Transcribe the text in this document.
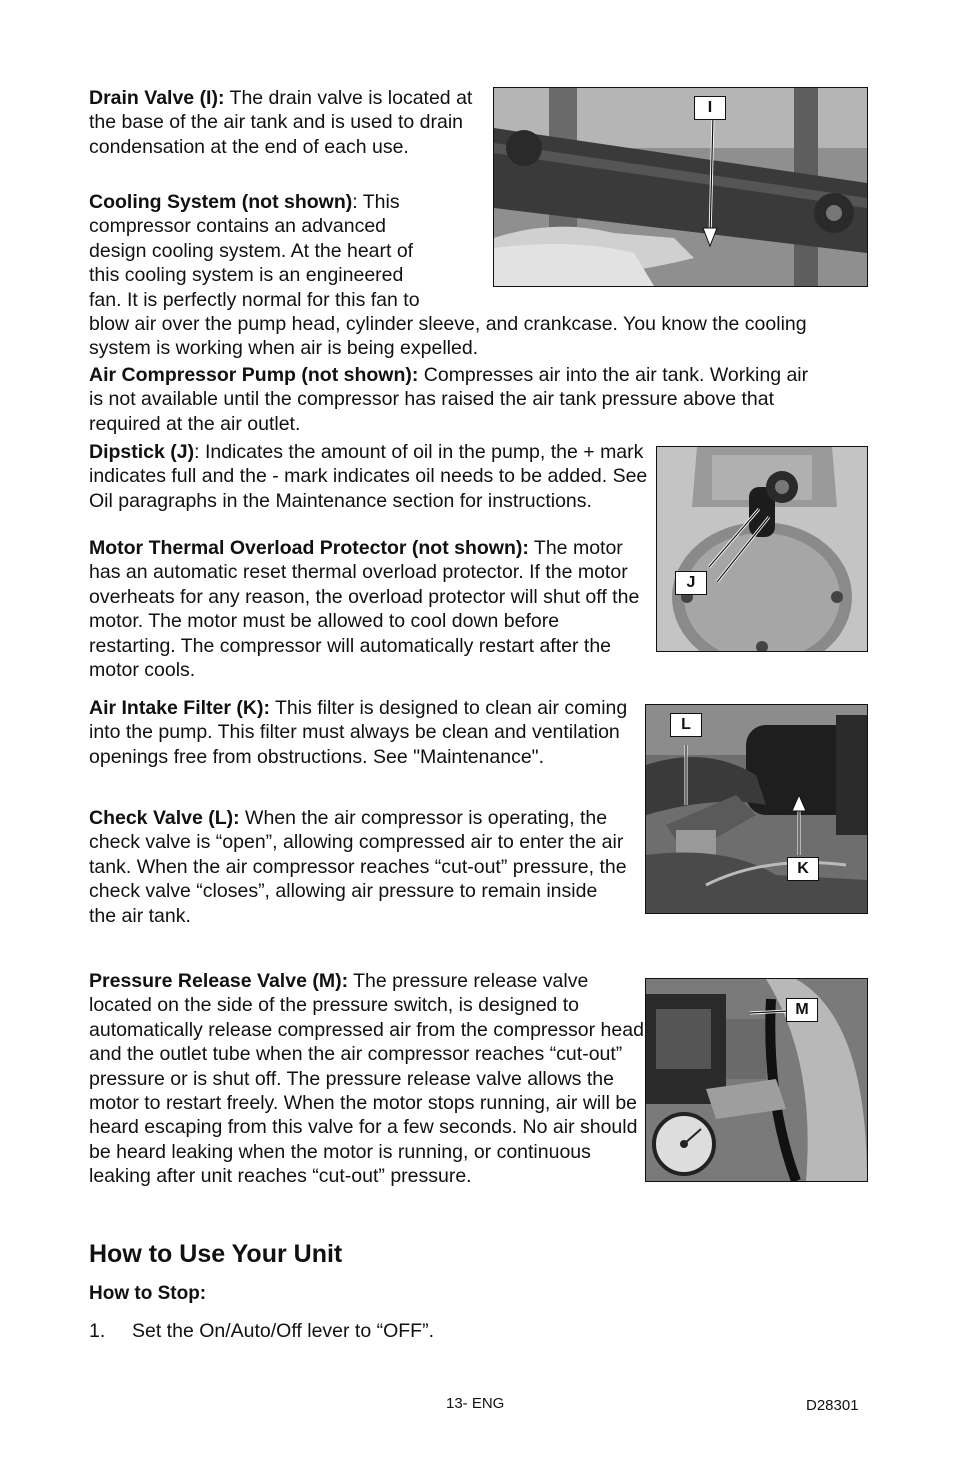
I
J
L
K
M

Drain Valve (I): The drain valve is located at the base of the air tank and is used to drain condensation at the end of each use.

Cooling System (not shown): This compressor contains an advanced design cooling system. At the heart of this cooling system is an engineered fan. It is perfectly normal for this fan to blow air over the pump head, cylinder sleeve, and crankcase. You know the cooling system is working when air is being expelled.

Air Compressor Pump (not shown): Compresses air into the air tank. Working air is not available until the compressor has raised the air tank pressure above that required at the air outlet.

Dipstick (J): Indicates the amount of oil in the pump, the + mark indicates full and the - mark indicates oil needs to be added. See Oil paragraphs in the Maintenance section for instructions.

Motor Thermal Overload Protector (not shown): The motor has an automatic reset thermal overload protector. If the motor overheats for any reason, the overload protector will shut off the motor. The motor must be allowed to cool down before restarting. The compressor will automatically restart after the motor cools.

Air Intake Filter (K): This filter is designed to clean air coming into the pump. This filter must always be clean and ventilation openings free from obstructions. See "Maintenance".

Check Valve (L): When the air compressor is operating, the check valve is “open”, allowing compressed air to enter the air tank. When the air compressor reaches “cut-out” pressure, the check valve “closes”, allowing air pressure to remain inside the air tank.

Pressure Release Valve (M): The pressure release valve located on the side of the pressure switch, is designed to automatically release compressed air from the compressor head and the outlet tube when the air compressor reaches “cut-out” pressure or is shut off. The pressure release valve allows the motor to restart freely. When the motor stops running, air will be heard escaping from this valve for a few seconds. No air should be heard leaking when the motor is running, or continuous leaking after unit reaches “cut-out” pressure.

How to Use Your Unit
How to Stop:

1. Set the On/Auto/Off lever to “OFF”.

13- ENG	D28301
